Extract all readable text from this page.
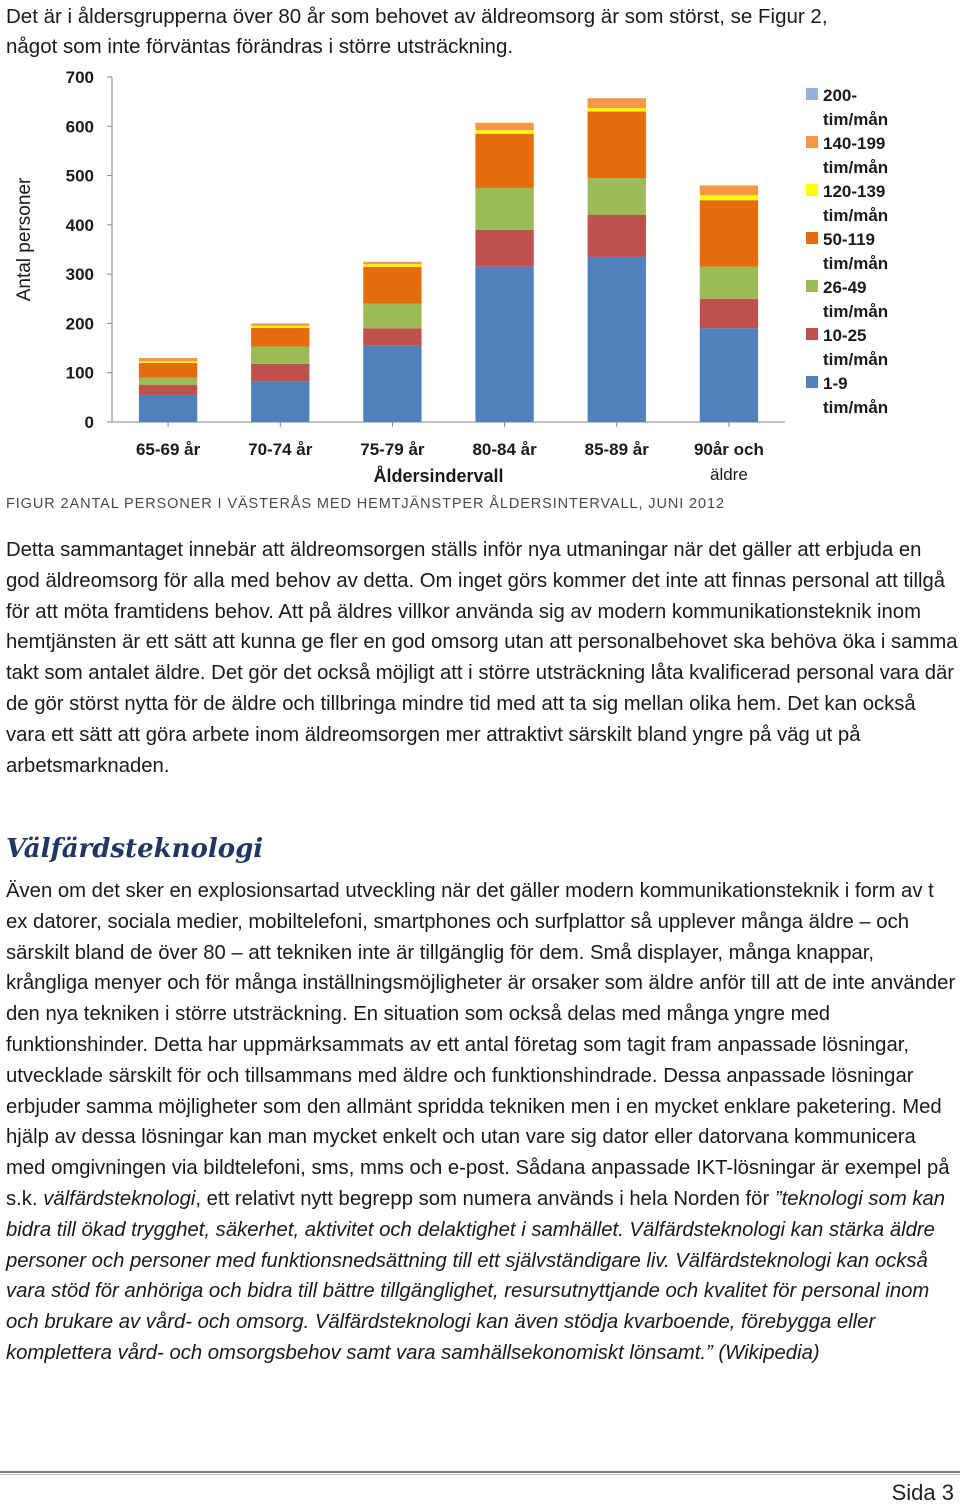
Det är i åldersgrupperna över 80 år som behovet av äldreomsorg är som störst, se Figur 2,
något som inte förväntas förändras i större utsträckning.
0
100
200
300
400
500
600
700
Antal personer
65-69 år	70-74 år	75-79 år	80-84 år	85-89 år	90år och
äldre
Åldersindervall
200-
tim/mån
140-199
tim/mån
120-139
tim/mån
50-119
tim/mån
26-49
tim/mån
10-25
tim/mån
1-9
tim/mån
FIGUR 2ANTAL PERSONER I VÄSTERÅS MED HEMTJÄNSTPER ÅLDERSINTERVALL, JUNI 2012

Detta sammantaget innebär att äldreomsorgen ställs inför nya utmaningar när det gäller att erbjuda en god äldreomsorg för alla med behov av detta. Om inget görs kommer det inte att finnas personal att tillgå för att möta framtidens behov. Att på äldres villkor använda sig av modern kommunikationsteknik inom hemtjänsten är ett sätt att kunna ge fler en god omsorg utan att personalbehovet ska behöva öka i samma takt som antalet äldre. Det gör det också möjligt att i större utsträckning låta kvalificerad personal vara där de gör störst nytta för de äldre och tillbringa mindre tid med att ta sig mellan olika hem. Det kan också vara ett sätt att göra arbete inom äldreomsorgen mer attraktivt särskilt bland yngre på väg ut på arbetsmarknaden.

Välfärdsteknologi

Även om det sker en explosionsartad utveckling när det gäller modern kommunikationsteknik i form av t ex datorer, sociala medier, mobiltelefoni, smartphones och surfplattor så upplever många äldre – och särskilt bland de över 80 – att tekniken inte är tillgänglig för dem. Små displayer, många knappar, krångliga menyer och för många inställningsmöjligheter är orsaker som äldre anför till att de inte använder den nya tekniken i större utsträckning. En situation som också delas med många yngre med funktionshinder. Detta har uppmärksammats av ett antal företag som tagit fram anpassade lösningar, utvecklade särskilt för och tillsammans med äldre och funktionshindrade. Dessa anpassade lösningar erbjuder samma möjligheter som den allmänt spridda tekniken men i en mycket enklare paketering. Med hjälp av dessa lösningar kan man mycket enkelt och utan vare sig dator eller datorvana kommunicera med omgivningen via bildtelefoni, sms, mms och e-post. Sådana anpassade IKT-lösningar är exempel på s.k. välfärdsteknologi, ett relativt nytt begrepp som numera används i hela Norden för ”teknologi som kan bidra till ökad trygghet, säkerhet, aktivitet och delaktighet i samhället. Välfärdsteknologi kan stärka äldre personer och personer med funktionsnedsättning till ett självständigare liv. Välfärdsteknologi kan också vara stöd för anhöriga och bidra till bättre tillgänglighet, resursutnyttjande och kvalitet för personal inom och brukare av vård- och omsorg. Välfärdsteknologi kan även stödja kvarboende, förebygga eller komplettera vård- och omsorgsbehov samt vara samhällsekonomiskt lönsamt.” (Wikipedia)

Sida 3
